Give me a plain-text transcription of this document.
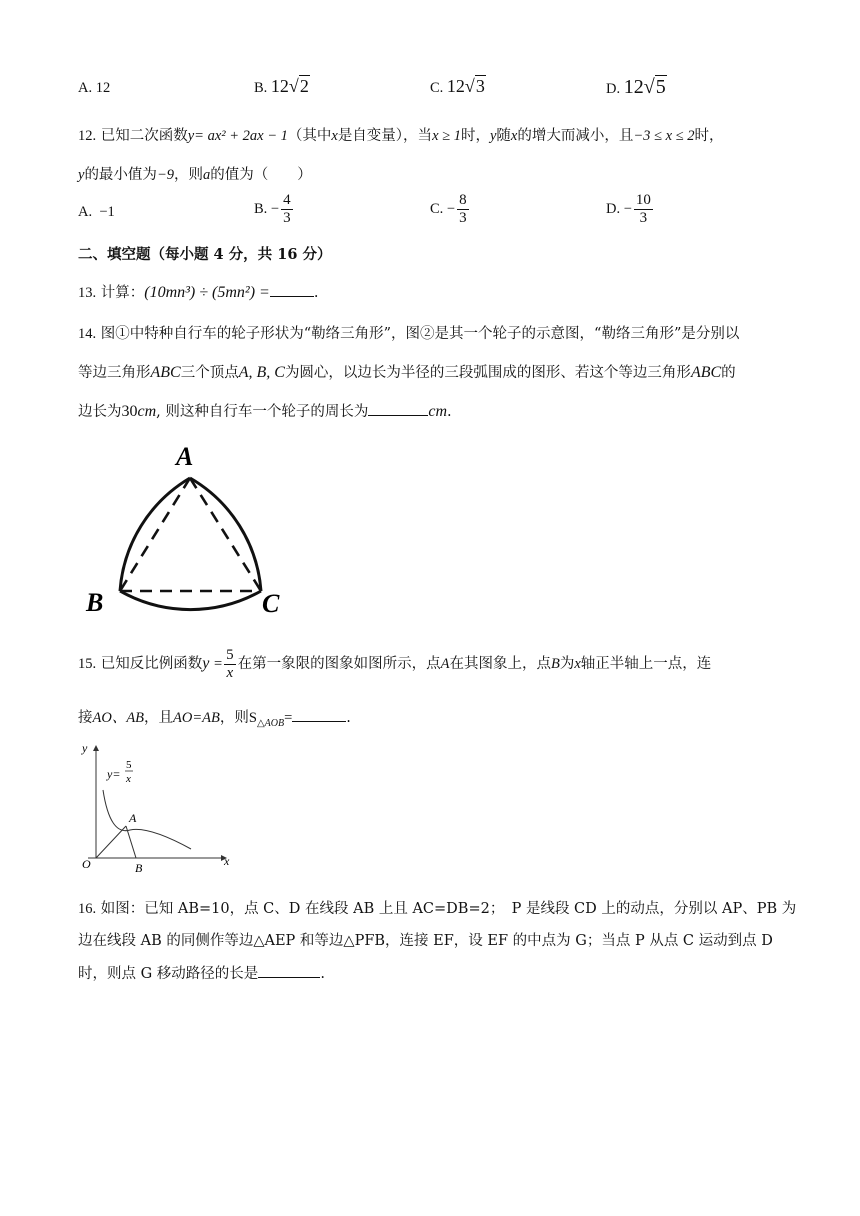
A. 12	B. 12√2	C. 12√3	D. 12√5
12. 已知二次函数y= ax² + 2ax − 1（其中x是自变量），当x ≥ 1时，y随x的增大而减小，且−3 ≤ x ≤ 2时，
y的最小值为−9，则a的值为（　　）
A. −1	B. − $\frac{4}{3}$	C. − $\frac{8}{3}$	D. − $\frac{10}{3}$
二、填空题（每小题 4 分，共 16 分）
13. 计算：(10mn³) ÷ (5mn²) =	.
14. 图①中特种自行车的轮子形状为“勒络三角形”，图②是其一个轮子的示意图，“勒络三角形”是分别以
等边三角形ABC三个顶点A, B, C为圆心，以边长为半径的三段弧围成的图形、若这个等边三角形ABC的
边长为30cm, 则这种自行车一个轮子的周长为	cm.
A
B	C
15. 已知反比例函数$y = \frac{5}{x}$ 在第一象限的图象如图所示，点A在其图象上，点B为x轴正半轴上一点，连
接AO、AB，且AO=AB，则$S_{\triangle AOB}=$	.
y
x
O
A
B
y=
5
x
16. 如图：已知 AB=10，点 C、D 在线段 AB 上且 AC=DB=2；　P 是线段 CD 上的动点，分别以 AP、PB 为
边在线段 AB 的同侧作等边△AEP 和等边△PFB，连接 EF，设 EF 的中点为 G；当点 P 从点 C 运动到点 D
时，则点 G 移动路径的长是	.
